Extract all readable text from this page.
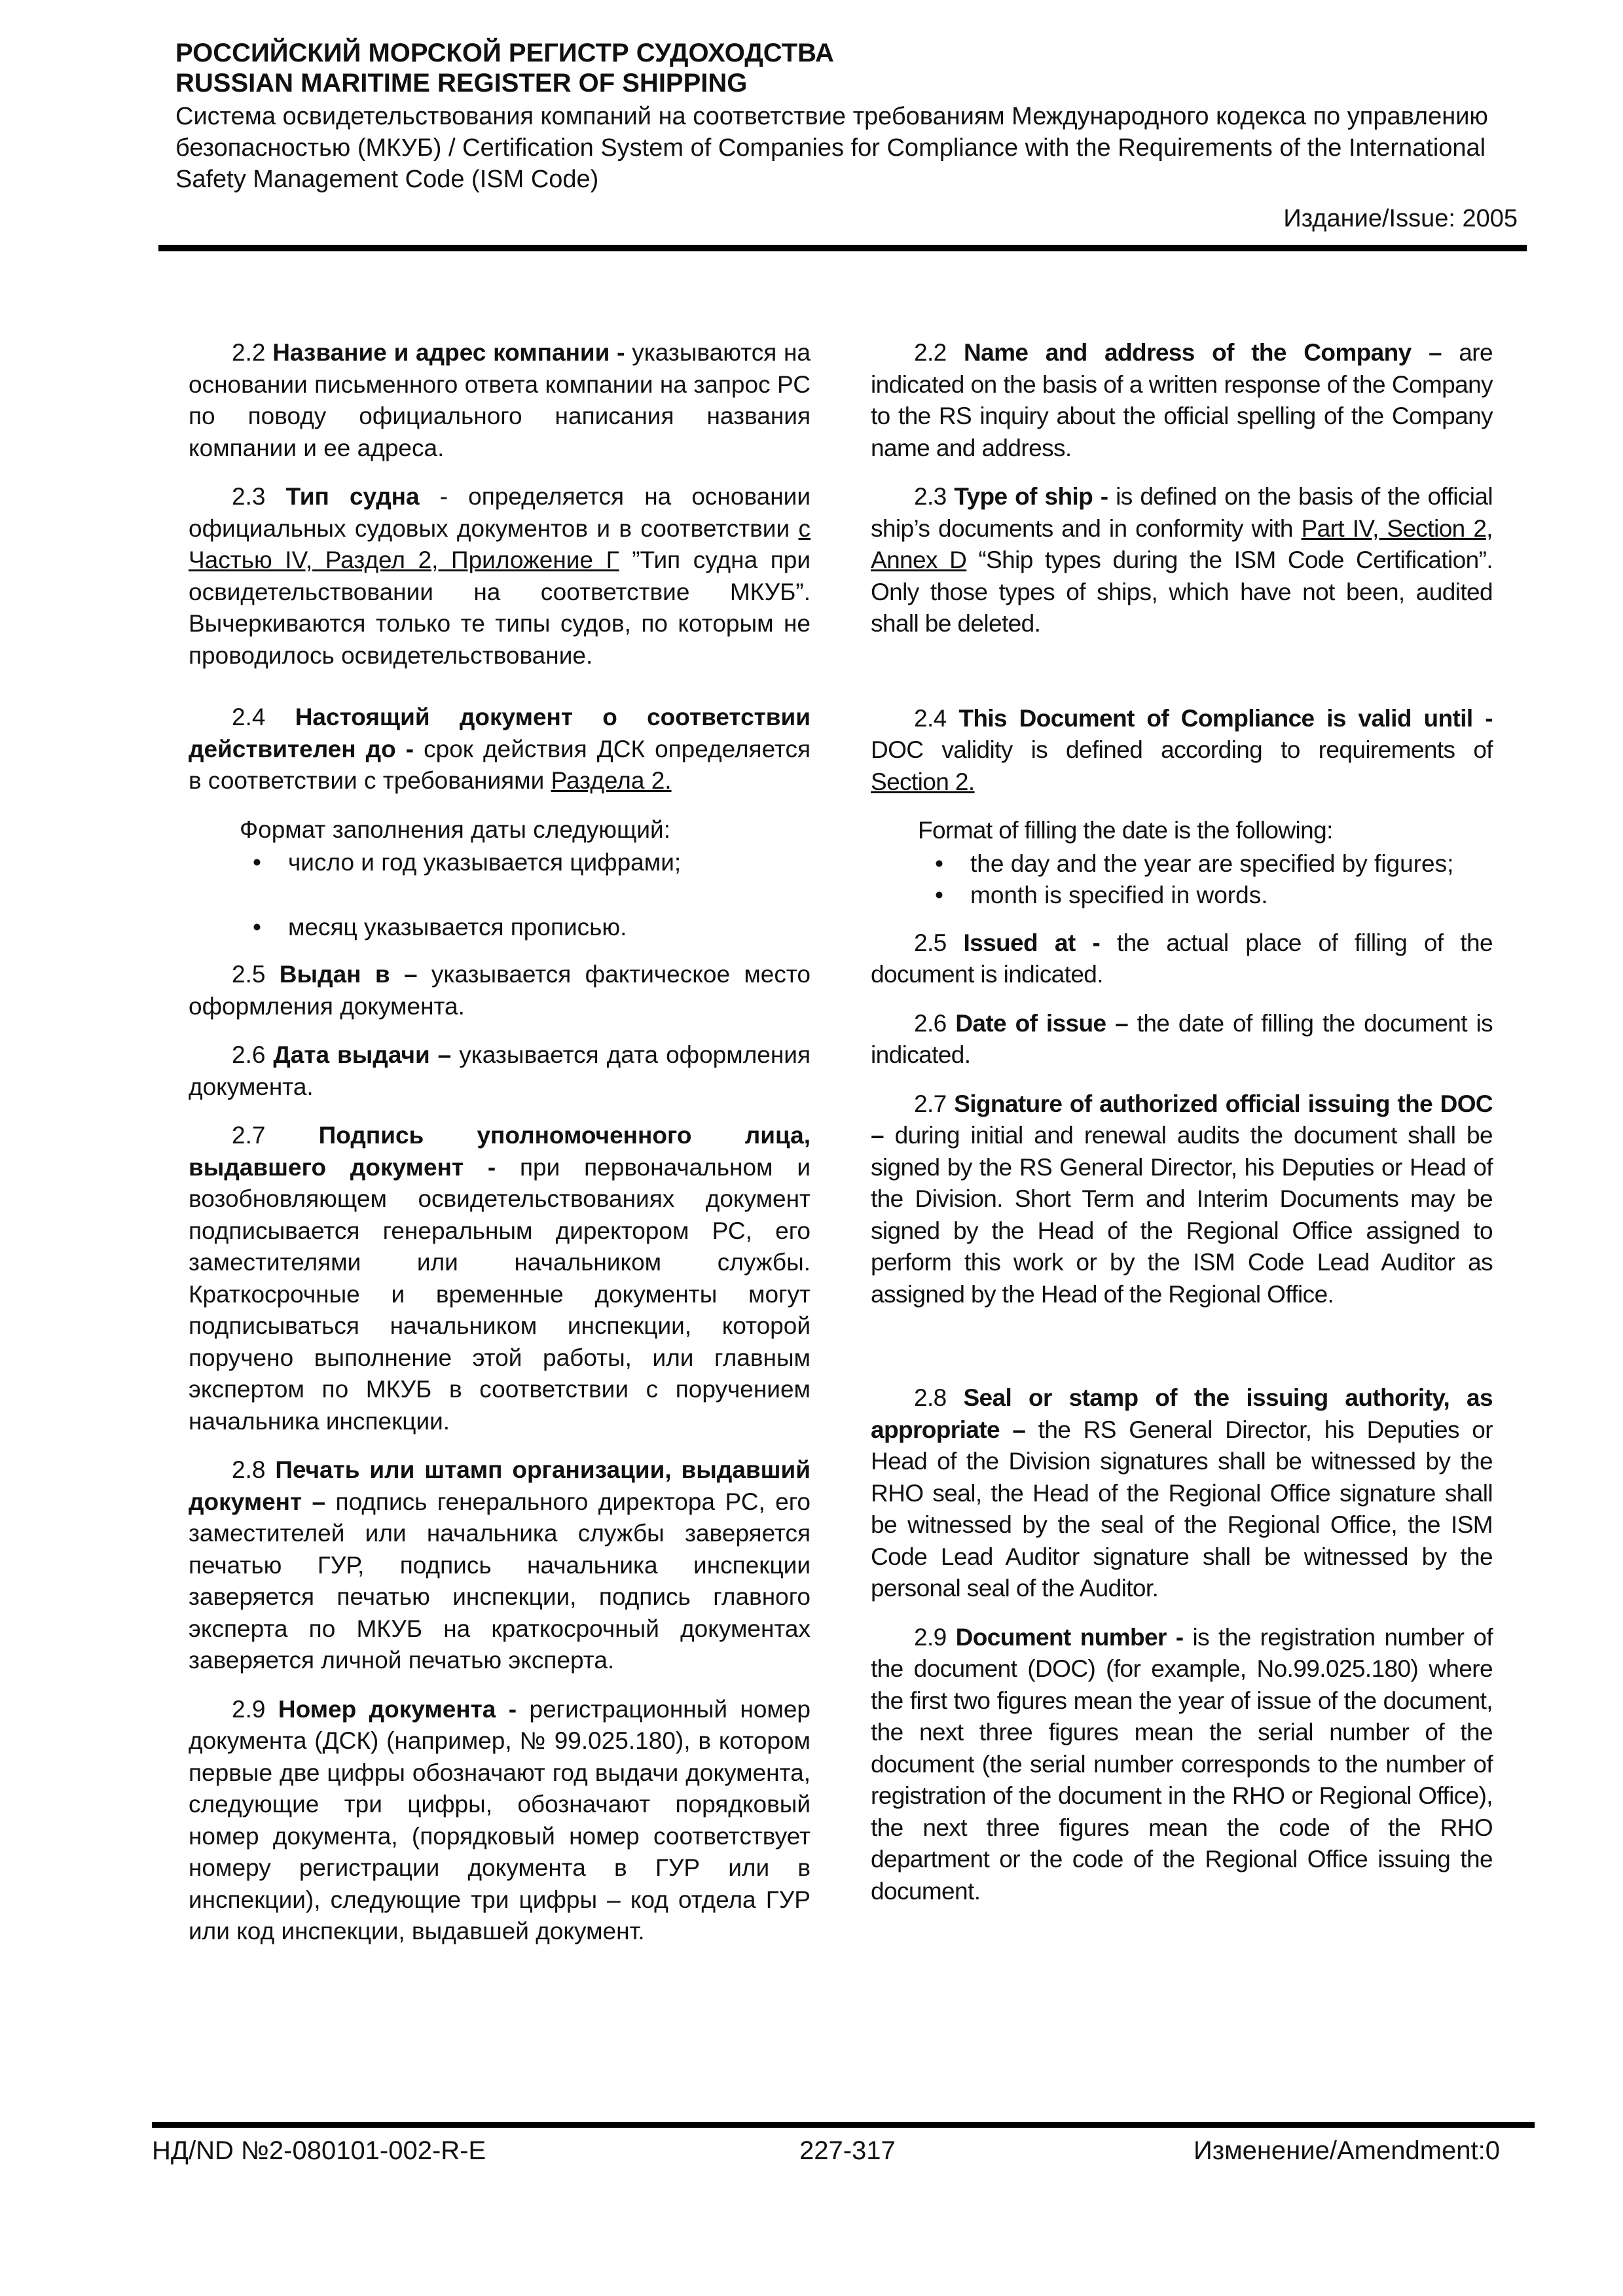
РОССИЙСКИЙ МОРСКОЙ РЕГИСТР СУДОХОДСТВА
RUSSIAN MARITIME REGISTER OF SHIPPING
Система освидетельствования компаний на соответствие требованиям Международного кодекса по управлению безопасностью (МКУБ) / Certification System of Companies for Compliance with the Requirements of the International Safety Management Code (ISM Code)
Издание/Issue: 2005

2.2 Название и адрес компании - указываются на основании письменного ответа компании на запрос РС по поводу официального написания названия компании и ее адреса.

2.3 Тип судна - определяется на основании официальных судовых документов и в соответствии с Частью IV, Раздел 2, Приложение Г ”Тип судна при освидетельствовании на соответствие МКУБ”. Вычеркиваются только те типы судов, по которым не проводилось освидетельствование.

2.4 Настоящий документ о соответствии действителен до - срок действия ДСК определяется в соответствии с требованиями Раздела 2.

Формат заполнения даты следующий:

• число и год указывается цифрами;
• месяц указывается прописью.

2.5 Выдан в – указывается фактическое место оформления документа.

2.6 Дата выдачи – указывается дата оформления документа.

2.7 Подпись уполномоченного лица, выдавшего документ - при первоначальном и возобновляющем освидетельствованиях документ подписывается генеральным директором РС, его заместителями или начальником службы. Краткосрочные и временные документы могут подписываться начальником инспекции, которой поручено выполнение этой работы, или главным экспертом по МКУБ в соответствии с поручением начальника инспекции.

2.8 Печать или штамп организации, выдавший документ – подпись генерального директора РС, его заместителей или начальника службы заверяется печатью ГУР, подпись начальника инспекции заверяется печатью инспекции, подпись главного эксперта по МКУБ на краткосрочный документах заверяется личной печатью эксперта.

2.9 Номер документа - регистрационный номер документа (ДСК) (например, № 99.025.180), в котором первые две цифры обозначают год выдачи документа, следующие три цифры, обозначают порядковый номер документа, (порядковый номер соответствует номеру регистрации документа в ГУР или в инспекции), следующие три цифры – код отдела ГУР или код инспекции, выдавшей документ.

2.2 Name and address of the Company – are indicated on the basis of a written response of the Company to the RS inquiry about the official spelling of the Company name and address.

2.3 Type of ship - is defined on the basis of the official ship’s documents and in conformity with Part IV, Section 2, Annex D “Ship types during the ISM Code Certification”. Only those types of ships, which have not been, audited shall be deleted.

2.4 This Document of Compliance is valid until - DOC validity is defined according to requirements of Section 2.

Format of filling the date is the following:

• the day and the year are specified by figures;
• month is specified in words.

2.5 Issued at - the actual place of filling of the document is indicated.

2.6 Date of issue – the date of filling the document is indicated.

2.7 Signature of authorized official issuing the DOC – during initial and renewal audits the document shall be signed by the RS General Director, his Deputies or Head of the Division. Short Term and Interim Documents may be signed by the Head of the Regional Office assigned to perform this work or by the ISM Code Lead Auditor as assigned by the Head of the Regional Office.

2.8 Seal or stamp of the issuing authority, as appropriate – the RS General Director, his Deputies or Head of the Division signatures shall be witnessed by the RHO seal, the Head of the Regional Office signature shall be witnessed by the seal of the Regional Office, the ISM Code Lead Auditor signature shall be witnessed by the personal seal of the Auditor.

2.9 Document number - is the registration number of the document (DOC) (for example, No.99.025.180) where the first two figures mean the year of issue of the document, the next three figures mean the serial number of the document (the serial number corresponds to the number of registration of the document in the RHO or Regional Office), the next three figures mean the code of the RHO department or the code of the Regional Office issuing the document.

НД/ND №2-080101-002-R-E	227-317	Изменение/Amendment:0
